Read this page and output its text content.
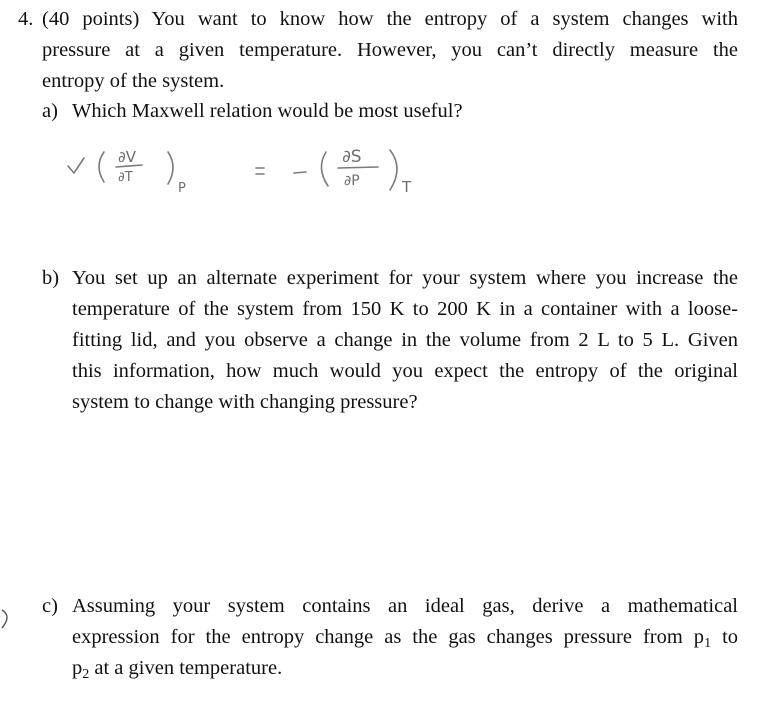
4. (40 points) You want to know how the entropy of a system changes with
pressure at a given temperature. However, you can’t directly measure the
entropy of the system.
a) Which Maxwell relation would be most useful?
∂V
∂T
P
∂S
∂P	T
b) You set up an alternate experiment for your system where you increase the
temperature of the system from 150 K to 200 K in a container with a loose-
fitting lid, and you observe a change in the volume from 2 L to 5 L. Given
this information, how much would you expect the entropy of the original
system to change with changing pressure?
c) Assuming your system contains an ideal gas, derive a mathematical
expression for the entropy change as the gas changes pressure from $p_1$ to
$p_2$ at a given temperature.
